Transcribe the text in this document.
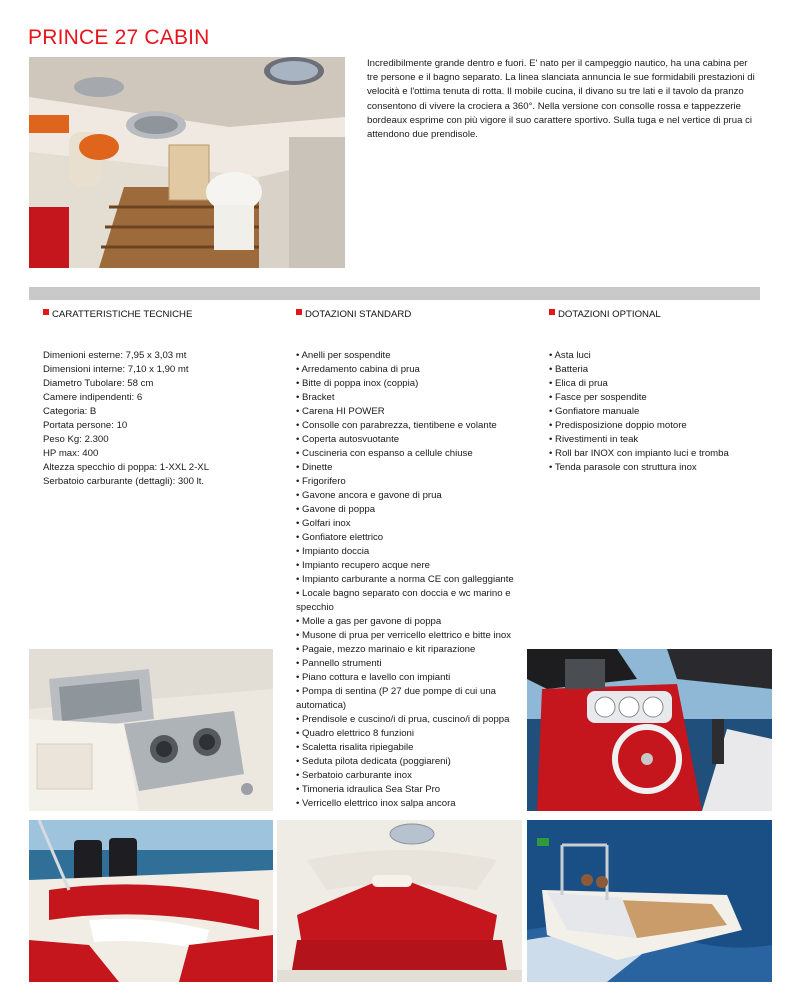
PRINCE 27 CABIN
Incredibilmente grande dentro e fuori. E' nato per il campeggio nautico, ha una cabina per tre persone e il bagno separato. La linea slanciata annuncia le sue formidabili prestazioni di velocità e l'ottima tenuta di rotta. Il mobile cucina, il divano su tre lati e il tavolo da pranzo consentono di vivere la crociera a 360°. Nella versione con consolle rossa e tappezzerie bordeaux esprime con più vigore il suo carattere sportivo. Sulla tuga e nel vertice di prua ci attendono due prendisole.
CARATTERISTICHE TECNICHE	DOTAZIONI STANDARD	DOTAZIONI OPTIONAL
Dimenioni esterne: 7,95 x 3,03 mt
Dimensioni interne: 7,10 x 1,90 mt
Diametro Tubolare: 58 cm
Camere indipendenti: 6
Categoria: B
Portata persone: 10
Peso Kg: 2.300
HP max: 400
Altezza specchio di poppa: 1-XXL 2-XL
Serbatoio carburante (dettagli): 300 lt.
• Anelli per sospendite
• Arredamento cabina di prua
• Bitte di poppa inox (coppia)
• Bracket
• Carena HI POWER
• Consolle con parabrezza, tientibene e volante
• Coperta autosvuotante
• Cuscineria con espanso a cellule chiuse
• Dinette
• Frigorifero
• Gavone ancora e gavone di prua
• Gavone di poppa
• Golfari inox
• Gonfiatore elettrico
• Impianto doccia
• Impianto recupero acque nere
• Impianto carburante a norma CE con galleggiante
• Locale bagno separato con doccia e wc marino e specchio
• Molle a gas per gavone di poppa
• Musone di prua per verricello elettrico e bitte inox
• Pagaie, mezzo marinaio e kit riparazione
• Pannello strumenti
• Piano cottura e lavello con impianti
• Pompa di sentina (P 27 due pompe di cui una automatica)
• Prendisole e cuscino/i di prua, cuscino/i di poppa
• Quadro elettrico 8 funzioni
• Scaletta risalita ripiegabile
• Seduta pilota dedicata (poggiareni)
• Serbatoio carburante inox
• Timoneria idraulica Sea Star Pro
• Verricello elettrico inox salpa ancora
• Asta luci
• Batteria
• Elica di prua
• Fasce per sospendite
• Gonfiatore manuale
• Predisposizione doppio motore
• Rivestimenti in teak
• Roll bar INOX con impianto luci e tromba
• Tenda parasole con struttura inox
